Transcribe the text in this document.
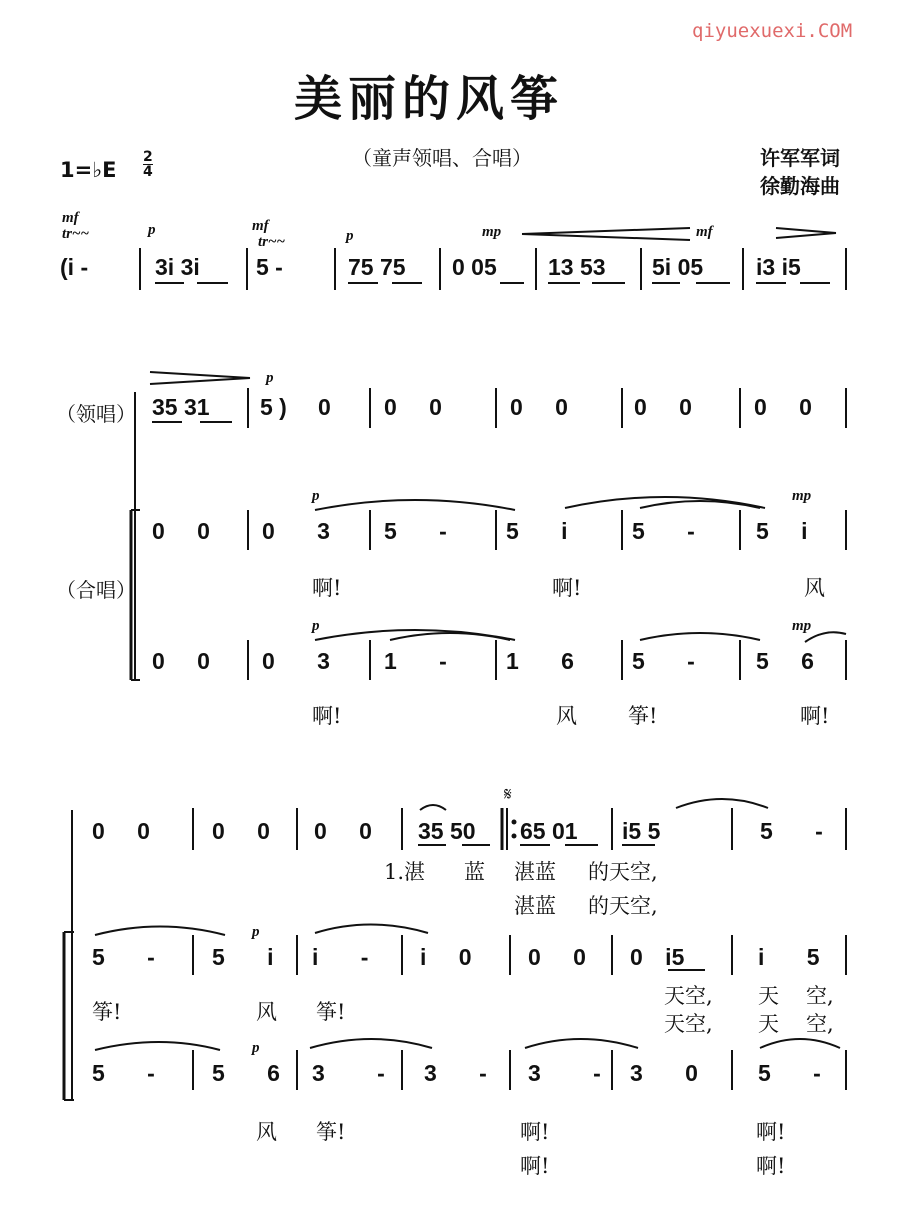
qiyuexuexi.COM
美丽的风筝
（童声领唱、合唱）	许军军词
徐勤海曲
1=♭E
2
4
mf
tr~~	p	mf
tr~~	p	mp	mf
(i -	3i 3i 5 -	75 75 0 05 13 53 5i 05 i3 i5
（领唱）
（合唱）
p
35 31 5 ) 0 0 0	0 0	0 0	0 0
p	mp
0 0 0 3 5 -	5 i	5 -	5 i
啊!	啊!	风
p	mp
0 0 0 3 1 -	1 6	5 -	5 6
啊!	风 筝!	啊!
𝄋
0 0	0 0 0 0 35 50 65 01 i5 5	5 -
1.湛 蓝 湛蓝 的天空,
湛蓝 的天空,
p
5 - 5 i i - i 0 0 0 0 i5	i 5
筝!	风 筝!
天空, 天 空,
天空, 天 空,
p
5 - 5 6 3 - 3 - 3 - 3 0	5 -
风 筝!	啊!	啊!
啊!	啊!
